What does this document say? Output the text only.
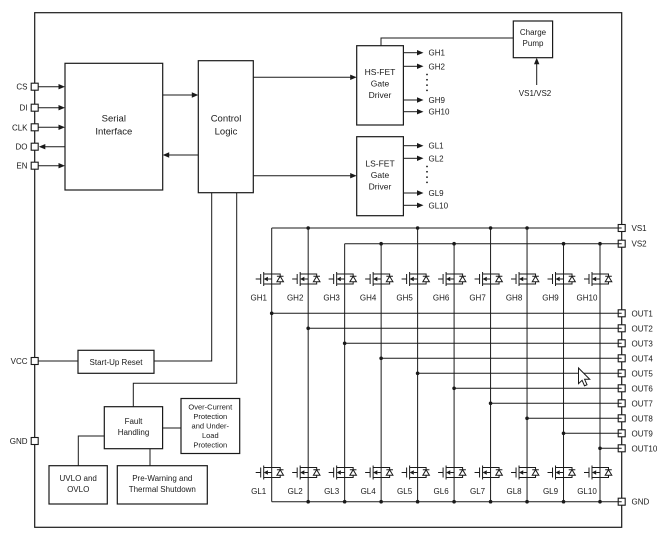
Serial
Interface
Control
Logic
HS-FET
Gate
Driver
LS-FET
Gate
Driver
Charge
Pump
Start-Up Reset
Fault
Handling
Over-Current
Protection
and Under-
Load
Protection
UVLO and
OVLO
Pre-Warning and
Thermal Shutdown
VS1/VS2
CS
DI
CLK
DO
EN
VCC
GND
VS1
VS2
OUT1
OUT2
OUT3
OUT4
OUT5
OUT6
OUT7
OUT8
OUT9
OUT10
GND
GH1
GH2
GH9
GH10
GL1
GL2
GL9
GL10
GH1
GL1
GH2
GL2
GH3
GL3
GH4
GL4
GH5
GL5
GH6
GL6
GH7
GL7
GH8
GL8
GH9
GL9
GH10
GL10
